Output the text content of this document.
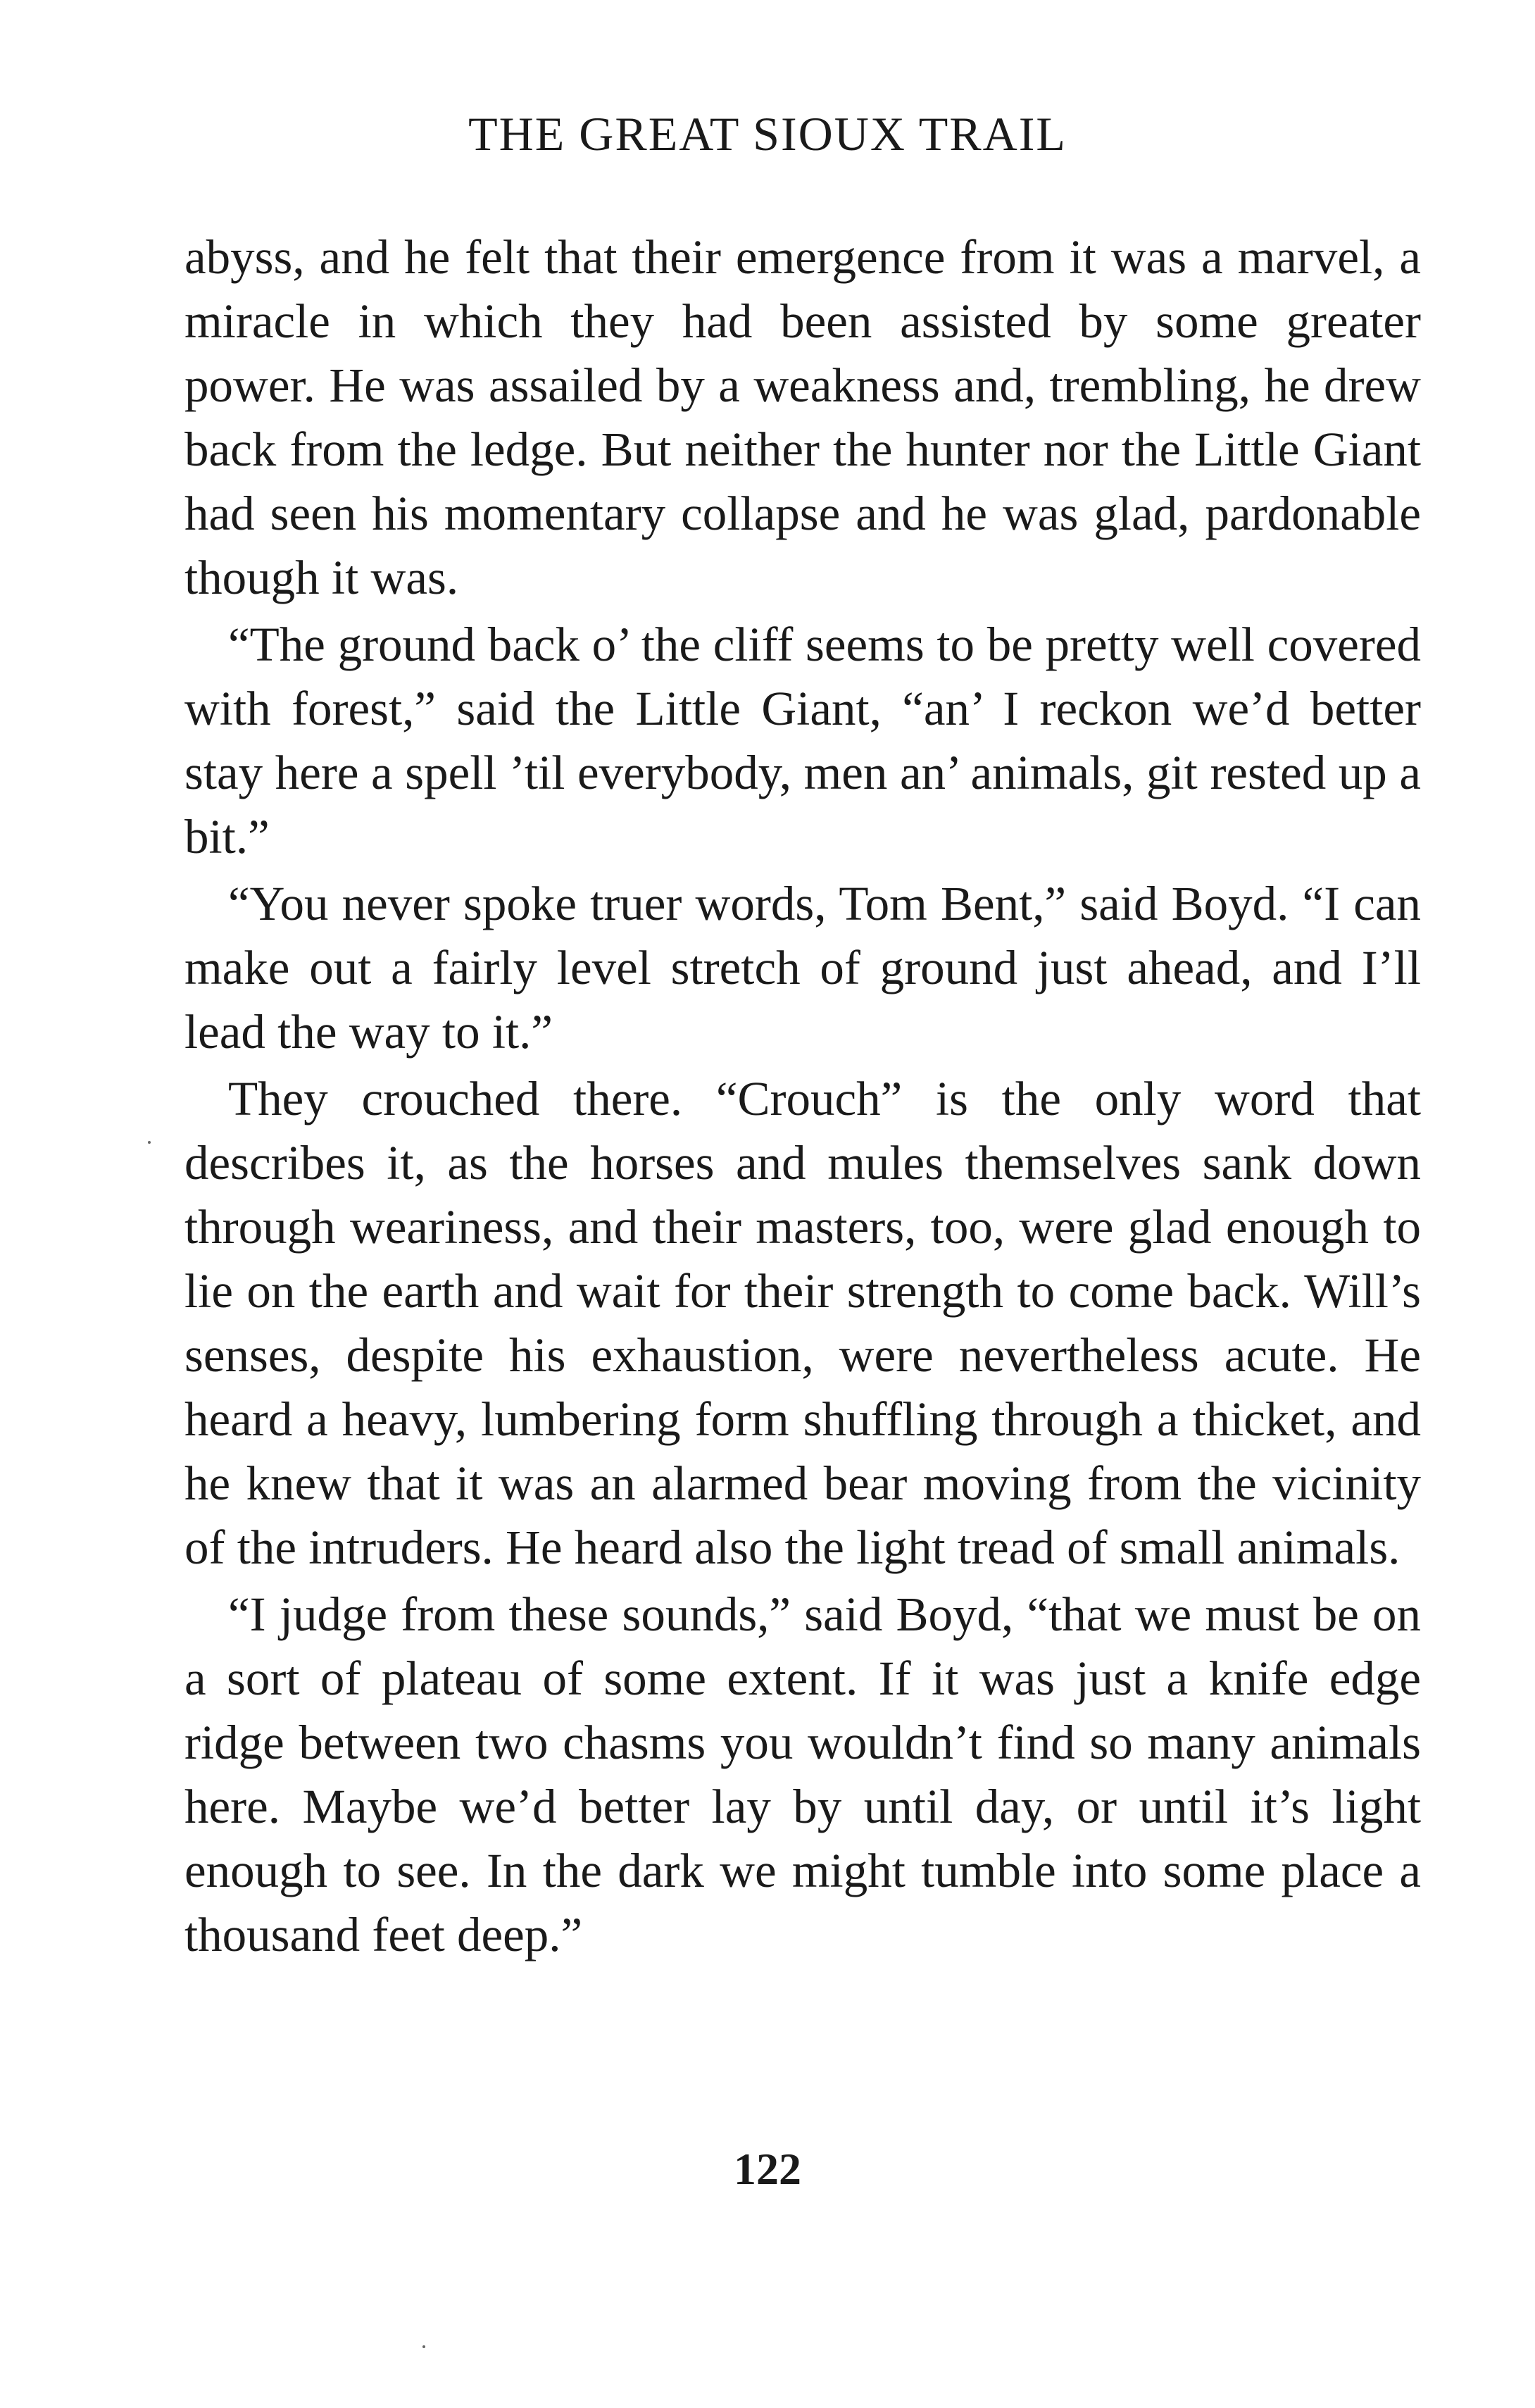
THE GREAT SIOUX TRAIL

abyss, and he felt that their emergence from it was a marvel, a miracle in which they had been assisted by some greater power. He was assailed by a weakness and, trembling, he drew back from the ledge. But neither the hunter nor the Little Giant had seen his momentary collapse and he was glad, pardonable though it was.

“The ground back o’ the cliff seems to be pretty well covered with forest,” said the Little Giant, “an’ I reckon we’d better stay here a spell ’til everybody, men an’ animals, git rested up a bit.”

“You never spoke truer words, Tom Bent,” said Boyd. “I can make out a fairly level stretch of ground just ahead, and I’ll lead the way to it.”

They crouched there. “Crouch” is the only word that describes it, as the horses and mules themselves sank down through weariness, and their masters, too, were glad enough to lie on the earth and wait for their strength to come back. Will’s senses, despite his exhaustion, were nevertheless acute. He heard a heavy, lumbering form shuffling through a thicket, and he knew that it was an alarmed bear moving from the vicinity of the intruders. He heard also the light tread of small animals.

“I judge from these sounds,” said Boyd, “that we must be on a sort of plateau of some extent. If it was just a knife edge ridge between two chasms you wouldn’t find so many animals here. Maybe we’d better lay by until day, or until it’s light enough to see. In the dark we might tumble into some place a thousand feet deep.”

122
